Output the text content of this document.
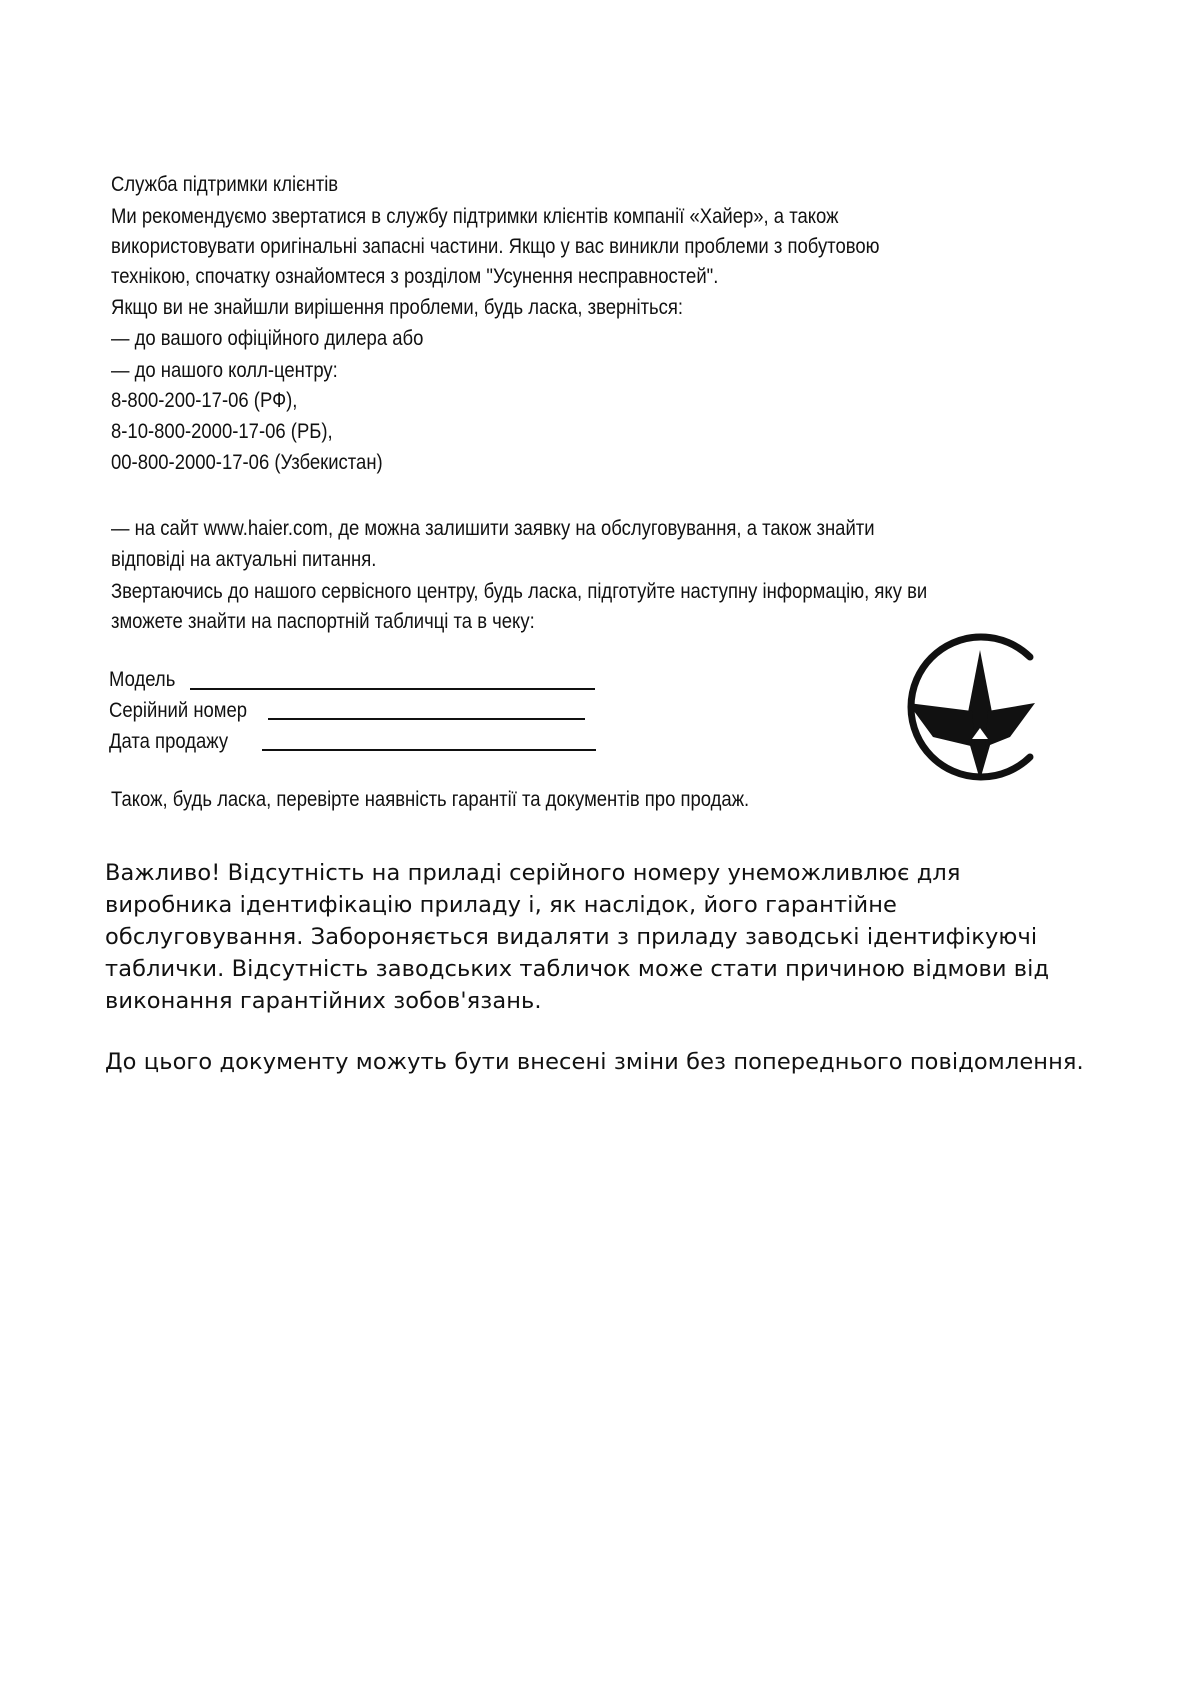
Служба підтримки клієнтів
Ми рекомендуємо звертатися в службу підтримки клієнтів компанії «Хайер», а також
використовувати оригінальні запасні частини. Якщо у вас виникли проблеми з побутовою
технікою, спочатку ознайомтеся з розділом "Усунення несправностей".
Якщо ви не знайшли вирішення проблеми, будь ласка, зверніться:
— до вашого офіційного дилера або
— до нашого колл-центру:
8-800-200-17-06 (РФ),
8-10-800-2000-17-06 (РБ),
00-800-2000-17-06 (Узбекистан)
— на сайт www.haier.com, де можна залишити заявку на обслуговування, а також знайти
відповіді на актуальні питання.
Звертаючись до нашого сервісного центру, будь ласка, підготуйте наступну інформацію, яку ви
зможете знайти на паспортній табличці та в чеку:
Модель
Серійний номер
Дата продажу
Також, будь ласка, перевірте наявність гарантії та документів про продаж.
Важливо! Відсутність на приладі серійного номеру унеможливлює для
виробника ідентифікацію приладу і, як наслідок, його гарантійне
обслуговування. Забороняється видаляти з приладу заводські ідентифікуючі
таблички. Відсутність заводських табличок може стати причиною відмови від
виконання гарантійних зобов'язань.
До цього документу можуть бути внесені зміни без попереднього повідомлення.
